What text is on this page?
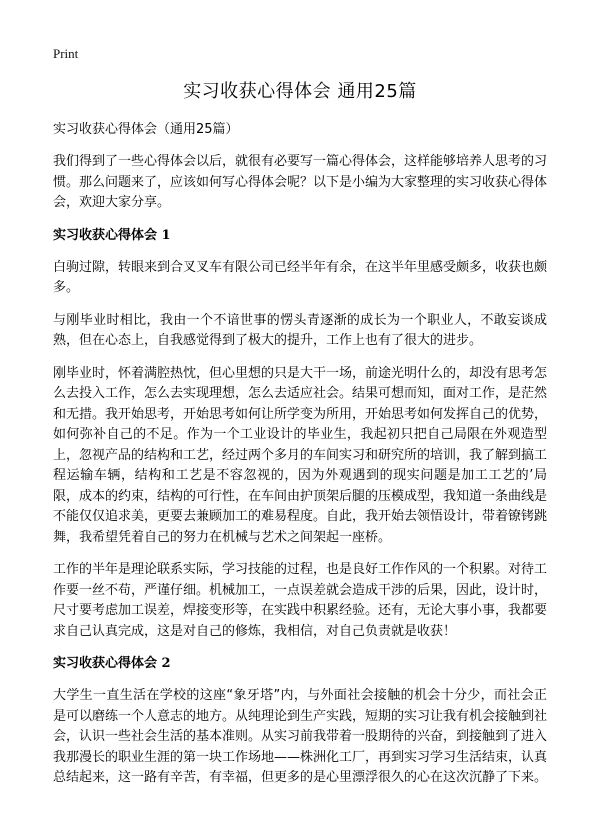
Print
实习收获心得体会 通用25篇

实习收获心得体会（通用25篇）

我们得到了一些心得体会以后，就很有必要写一篇心得体会，这样能够培养人思考的习惯。那么问题来了，应该如何写心得体会呢？以下是小编为大家整理的实习收获心得体会，欢迎大家分享。

实习收获心得体会 1

白驹过隙，转眼来到合叉叉车有限公司已经半年有余，在这半年里感受颇多，收获也颇多。

与刚毕业时相比，我由一个不谙世事的愣头青逐渐的成长为一个职业人，不敢妄谈成熟，但在心态上，自我感觉得到了极大的提升，工作上也有了很大的进步。

刚毕业时，怀着满腔热忱，但心里想的只是大干一场，前途光明什么的，却没有思考怎么去投入工作，怎么去实现理想，怎么去适应社会。结果可想而知，面对工作，是茫然和无措。我开始思考，开始思考如何让所学变为所用，开始思考如何发挥自己的优势，如何弥补自己的不足。作为一个工业设计的毕业生，我起初只把自己局限在外观造型上，忽视产品的结构和工艺，经过两个多月的车间实习和研究所的培训，我了解到搞工程运输车辆，结构和工艺是不容忽视的，因为外观遇到的现实问题是加工工艺的’局限，成本的约束，结构的可行性，在车间由护顶架后腿的压模成型，我知道一条曲线是不能仅仅追求美，更要去兼顾加工的难易程度。自此，我开始去领悟设计，带着镣铐跳舞，我希望凭着自己的努力在机械与艺术之间架起一座桥。

工作的半年是理论联系实际，学习技能的过程，也是良好工作作风的一个积累。对待工作要一丝不苟，严谨仔细。机械加工，一点误差就会造成干涉的后果，因此，设计时，尺寸要考虑加工误差，焊接变形等，在实践中积累经验。还有，无论大事小事，我都要求自己认真完成，这是对自己的修炼，我相信，对自己负责就是收获！

实习收获心得体会 2

大学生一直生活在学校的这座“象牙塔”内，与外面社会接触的机会十分少，而社会正是可以磨练一个人意志的地方。从纯理论到生产实践，短期的实习让我有机会接触到社会，认识一些社会生活的基本准则。从实习前我带着一股期待的兴奋，到接触到了进入我那漫长的职业生涯的第一块工作场地——株洲化工厂，再到实习学习生活结束，认真总结起来，这一路有辛苦，有幸福，但更多的是心里漂浮很久的心在这次沉静了下来。
